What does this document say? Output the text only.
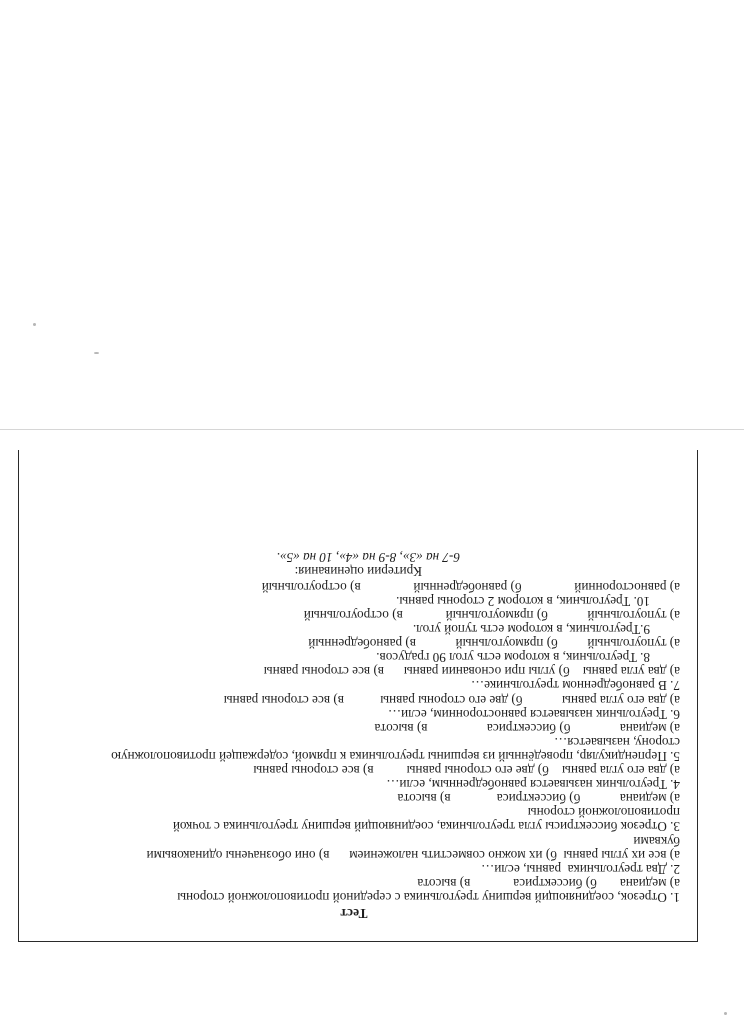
Тест
1. Отрезок, соединяющий вершину треугольника с серединой противоположной стороны
а) медиана       б) биссектриса             в) высота
2. Два треугольника  равны, если…
а) все их углы равны  б) их можно совместить наложением      в) они обозначены одинаковыми
буквами
3. Отрезок биссектрисы угла треугольника, соединяющий вершину треугольника с точкой
противоположной стороны
а) медиана            б) биссектриса              в) высота
4. Треугольник называется равнобедренным, если…
а) два его угла равны    б) две его стороны равны          в) все стороны равны
5. Перпендикуляр, проведённый из вершины треугольника к прямой, содержащей противоположную
сторону, называется…
а) медиана               б) биссектриса                  в) высота
6. Треугольник называется равносторонним, если…
а) два его угла равны            б) две его стороны равны           в) все стороны равны
7. В равнобедренном треугольнике…
а) два угла равны    б) углы при основании равны      в) все стороны равны
8. Треугольник, в котором есть угол 90 градусов.
а) тупоугольный         б) прямоугольный            в) равнобедренный
9.Треугольник, в котором есть тупой угол.
а) тупоугольный            б) прямоугольный             в) остроугольный
10. Треугольник, в котором 2 стороны равны.
а) равносторонний                б) равнобедренный                в) остроугольный
Критерии оценивания:
6-7 на «3», 8-9 на «4», 10 на «5».
